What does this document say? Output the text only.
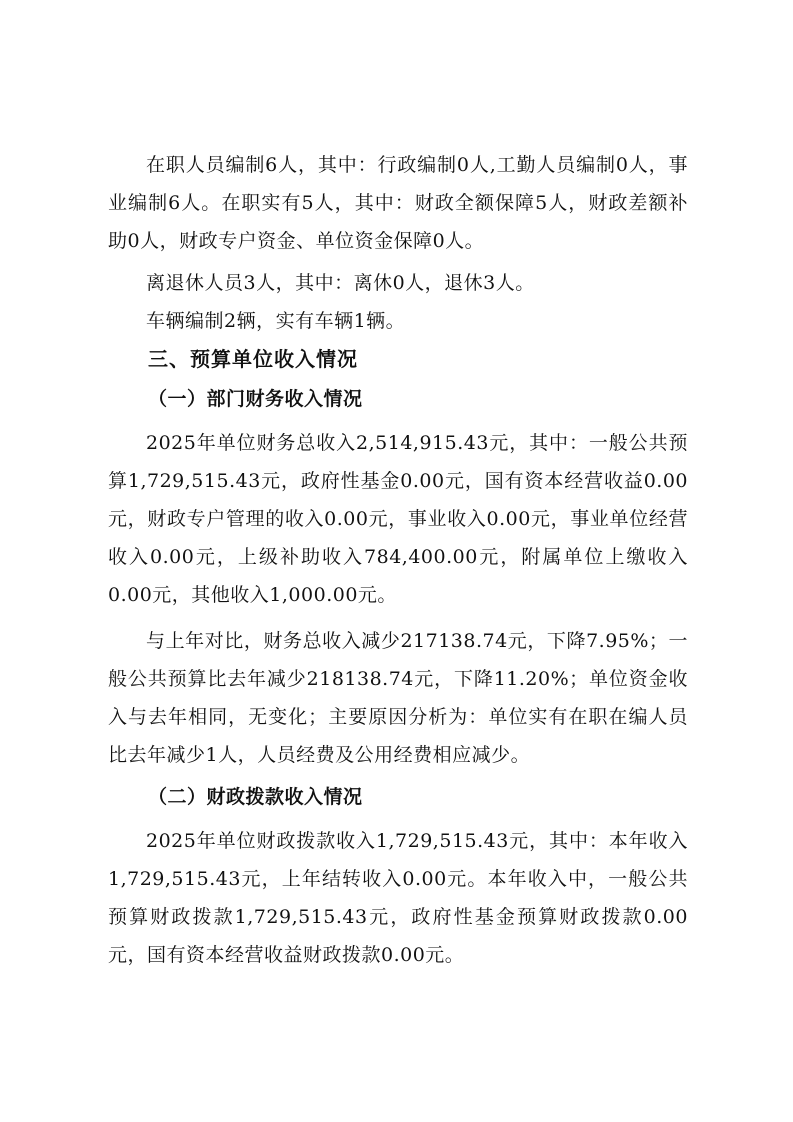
在职人员编制6人，其中：行政编制0人,工勤人员编制0人，事业编制6人。在职实有5人，其中：财政全额保障5人，财政差额补助0人，财政专户资金、单位资金保障0人。

离退休人员3人，其中：离休0人，退休3人。

车辆编制2辆，实有车辆1辆。

三、预算单位收入情况
（一）部门财务收入情况

2025年单位财务总收入2,514,915.43元，其中：一般公共预算1,729,515.43元，政府性基金0.00元，国有资本经营收益0.00元，财政专户管理的收入0.00元，事业收入0.00元，事业单位经营收入0.00元，上级补助收入784,400.00元，附属单位上缴收入0.00元，其他收入1,000.00元。

与上年对比，财务总收入减少217138.74元，下降7.95%；一般公共预算比去年减少218138.74元，下降11.20%；单位资金收入与去年相同，无变化；主要原因分析为：单位实有在职在编人员比去年减少1人，人员经费及公用经费相应减少。

（二）财政拨款收入情况

2025年单位财政拨款收入1,729,515.43元，其中：本年收入1,729,515.43元，上年结转收入0.00元。本年收入中，一般公共预算财政拨款1,729,515.43元，政府性基金预算财政拨款0.00元，国有资本经营收益财政拨款0.00元。
